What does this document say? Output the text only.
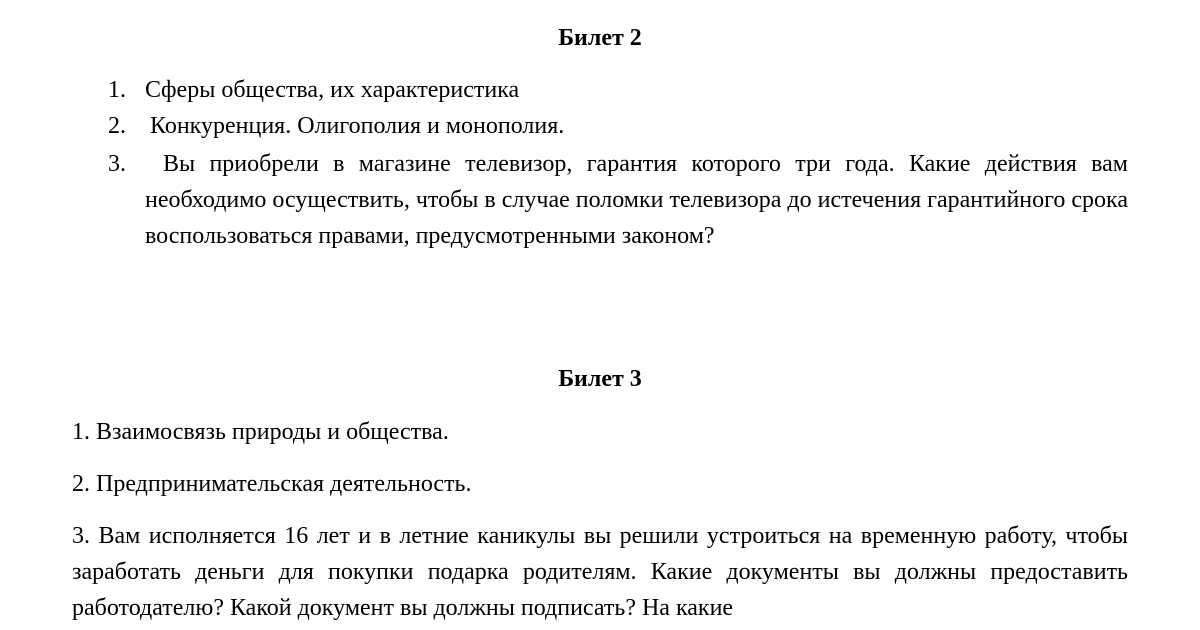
Билет 2
1. Сферы общества, их характеристика
2. Конкуренция. Олигополия и монополия.
3.	Вы приобрели в магазине телевизор, гарантия которого три года. Какие действия вам необходимо осуществить, чтобы в случае поломки телевизора до истечения гарантийного срока воспользоваться правами, предусмотренными законом?
Билет 3
1. Взаимосвязь природы и общества.
2. Предпринимательская деятельность.
3. Вам исполняется 16 лет и в летние каникулы вы решили устроиться на временную работу, чтобы заработать деньги для покупки подарка родителям. Какие документы вы должны предоставить работодателю? Какой документ вы должны подписать? На какие
